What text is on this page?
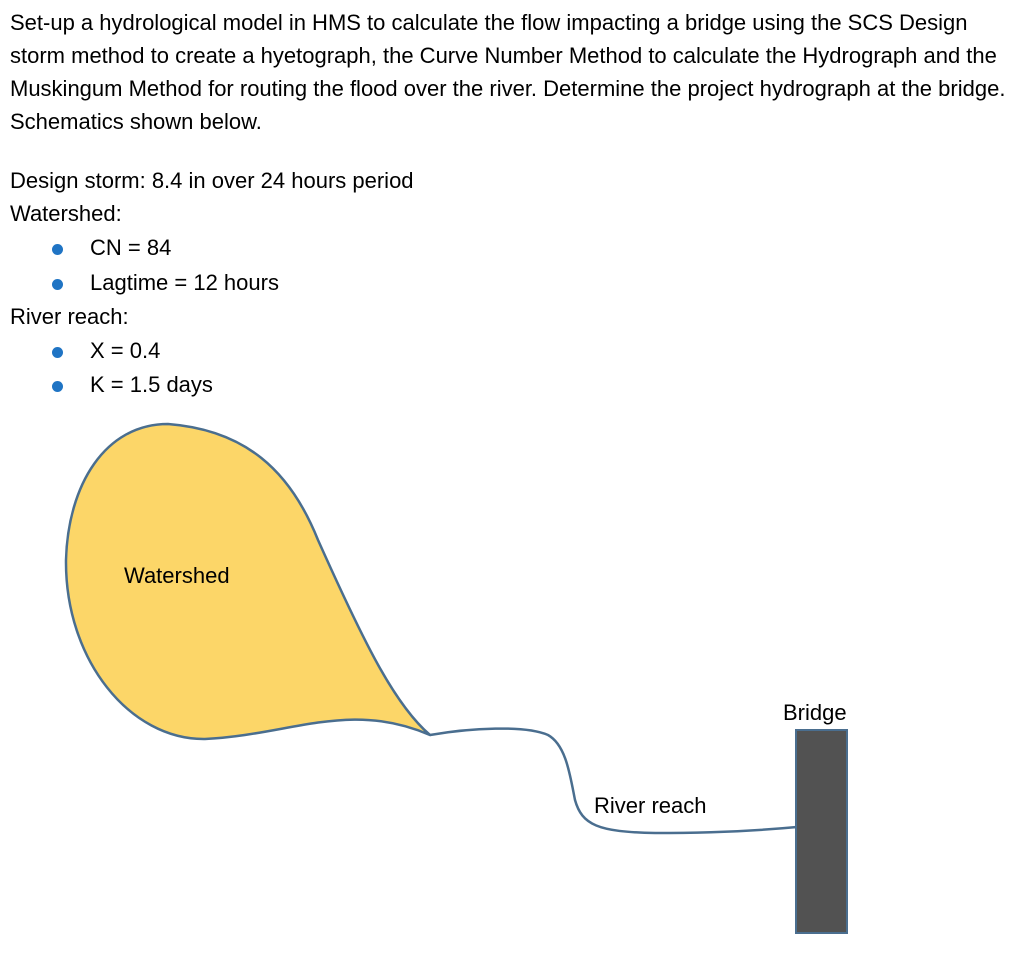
Set-up a hydrological model in HMS to calculate the flow impacting a bridge using the SCS Design storm method to create a hyetograph, the Curve Number Method to calculate the Hydrograph and the Muskingum Method for routing the flood over the river. Determine the project hydrograph at the bridge. Schematics shown below.

Design storm: 8.4 in over 24 hours period

Watershed:

CN = 84
Lagtime = 12 hours

River reach:

X = 0.4
K = 1.5 days
Watershed
River reach
Bridge
